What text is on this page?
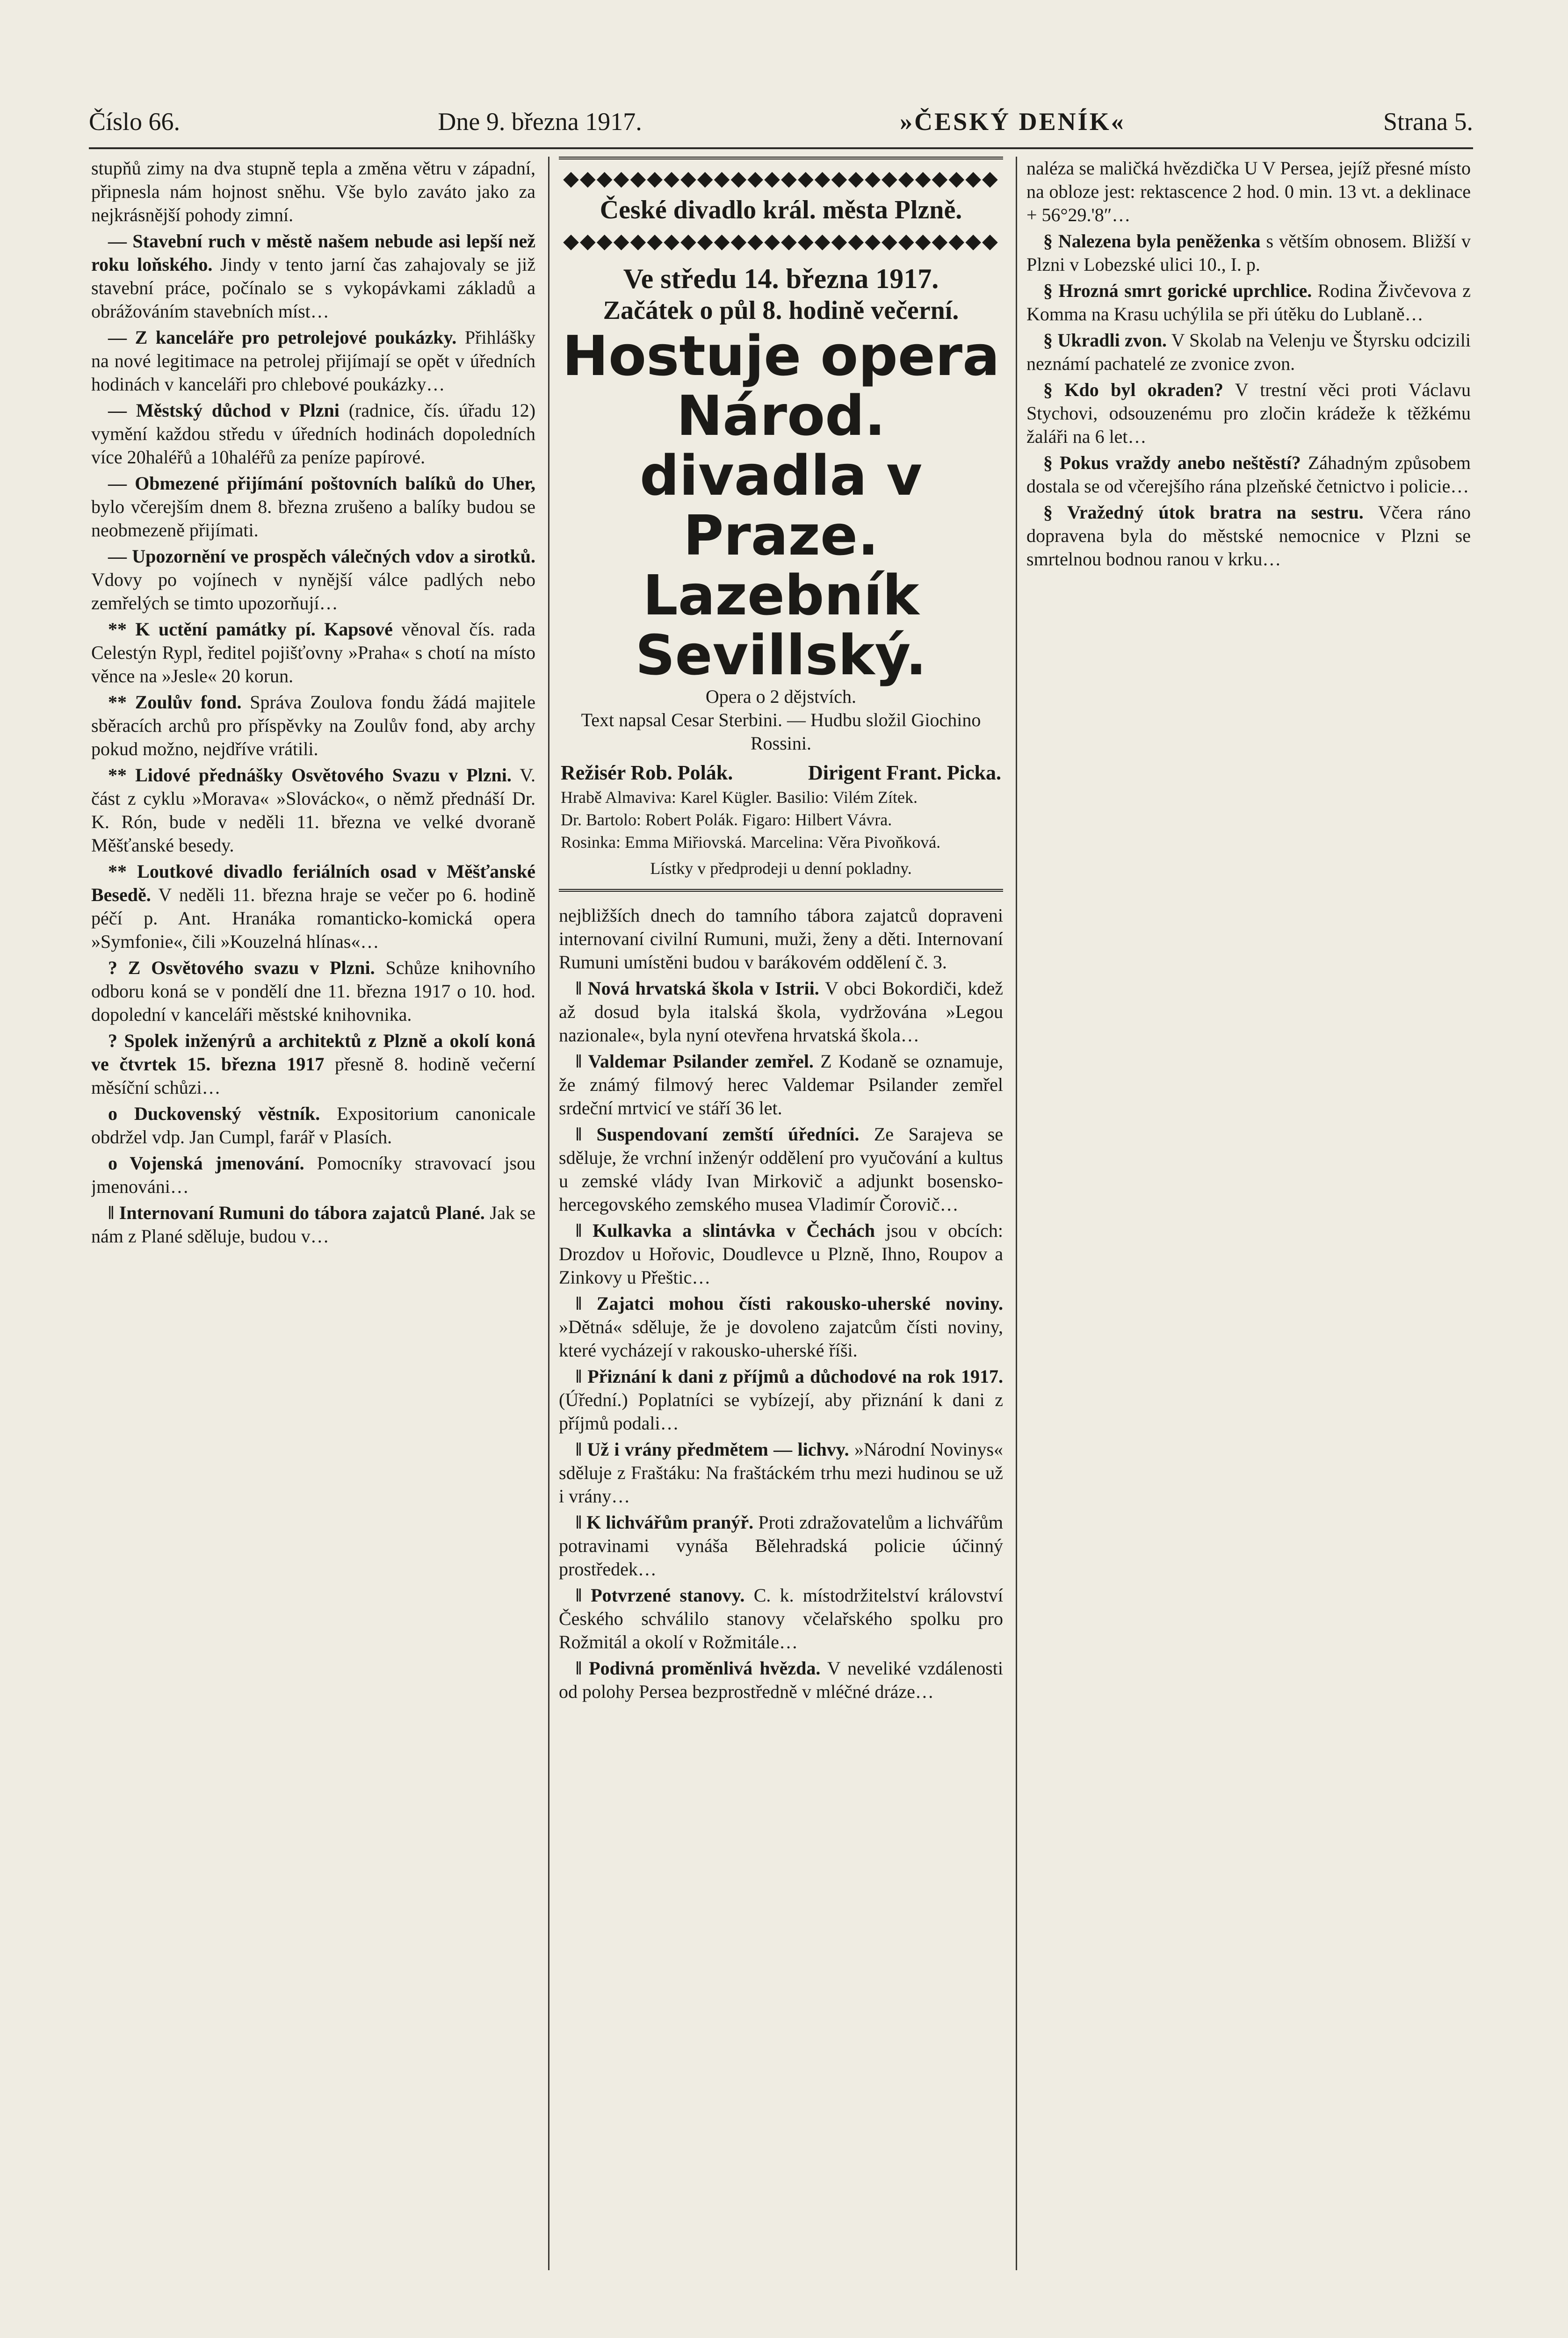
Číslo 66.	Dne 9. března 1917.	»ČESKÝ DENÍK«	Strana 5.

stupňů zimy na dva stupně tepla a změna větru v západní, připnesla nám hojnost sněhu. Vše bylo zaváto jako za nejkrásnější pohody zimní.

— Stavební ruch v městě našem nebude asi lepší než roku loňského. Jindy v tento jarní čas zahajovaly se již stavební práce, počínalo se s vykopávkami základů a obrážováním stavebních míst…

— Z kanceláře pro petrolejové poukázky. Přihlášky na nové legitimace na petrolej přijímají se opět v úředních hodinách v kanceláři pro chlebové poukázky…

— Městský důchod v Plzni (radnice, čís. úřadu 12) vymění každou středu v úředních hodinách dopoledních více 20haléřů a 10haléřů za peníze papírové.

— Obmezené přijímání poštovních balíků do Uher, bylo včerejším dnem 8. března zrušeno a balíky budou se neobmezeně přijímati.

— Upozornění ve prospěch válečných vdov a sirotků. Vdovy po vojínech v nynější válce padlých nebo zemřelých se timto upozorňují…

** K uctění památky pí. Kapsové věnoval čís. rada Celestýn Rypl, ředitel pojišťovny »Praha« s chotí na místo věnce na »Jesle« 20 korun.

** Zoulův fond. Správa Zoulova fondu žádá majitele sběracích archů pro příspěvky na Zoulův fond, aby archy pokud možno, nejdříve vrátili.

** Lidové přednášky Osvětového Svazu v Plzni. V. část z cyklu »Morava« »Slovácko«, o němž přednáší Dr. K. Rón, bude v neděli 11. března ve velké dvoraně Měšťanské besedy.

** Loutkové divadlo feriálních osad v Měšťanské Besedě. V neděli 11. března hraje se večer po 6. hodině péčí p. Ant. Hranáka romanticko-komická opera »Symfonie«, čili »Kouzelná hlínas«…

? Z Osvětového svazu v Plzni. Schůze knihovního odboru koná se v pondělí dne 11. března 1917 o 10. hod. dopolední v kanceláři městské knihovnika.

? Spolek inženýrů a architektů z Plzně a okolí koná ve čtvrtek 15. března 1917 přesně 8. hodině večerní měsíční schůzi…

o Duckovenský věstník. Expositorium canonicale obdržel vdp. Jan Cumpl, farář v Plasích.

o Vojenská jmenování. Pomocníky stravovací jsou jmenováni…

‖ Internovaní Rumuni do tábora zajatců Plané. Jak se nám z Plané sděluje, budou v…

◆◆◆◆◆◆◆◆◆◆◆◆◆◆◆◆◆◆◆◆◆◆◆◆◆◆
České divadlo král. města Plzně.
◆◆◆◆◆◆◆◆◆◆◆◆◆◆◆◆◆◆◆◆◆◆◆◆◆◆
Ve středu 14. března 1917.
Začátek o půl 8. hodině večerní.
Hostuje opera
Národ. divadla v Praze.
Lazebník Sevillský.
Opera o 2 dějstvích.
Text napsal Cesar Sterbini. — Hudbu složil Giochino Rossini.
Režisér Rob. Polák.	Dirigent Frant. Picka.
Hrabě Almaviva: Karel Kügler. Basilio: Vilém Zítek.
Dr. Bartolo: Robert Polák. Figaro: Hilbert Vávra.
Rosinka: Emma Miřiovská. Marcelina: Věra Pivoňková.
Lístky v předprodeji u denní pokladny.

nejbližších dnech do tamního tábora zajatců dopraveni internovaní civilní Rumuni, muži, ženy a děti. Internovaní Rumuni umístěni budou v barákovém oddělení č. 3.

‖ Nová hrvatská škola v Istrii. V obci Bokordiči, kdež až dosud byla italská škola, vydržována »Legou nazionale«, byla nyní otevřena hrvatská škola…

‖ Valdemar Psilander zemřel. Z Kodaně se oznamuje, že známý filmový herec Valdemar Psilander zemřel srdeční mrtvicí ve stáří 36 let.

‖ Suspendovaní zemští úředníci. Ze Sarajeva se sděluje, že vrchní inženýr oddělení pro vyučování a kultus u zemské vlády Ivan Mirkovič a adjunkt bosensko-hercegovského zemského musea Vladimír Čorovič…

‖ Kulkavka a slintávka v Čechách jsou v obcích: Drozdov u Hořovic, Doudlevce u Plzně, Ihno, Roupov a Zinkovy u Přeštic…

‖ Zajatci mohou čísti rakousko-uherské noviny. »Dětná« sděluje, že je dovoleno zajatcům čísti noviny, které vycházejí v rakousko-uherské říši.

‖ Přiznání k dani z příjmů a důchodové na rok 1917. (Úřední.) Poplatníci se vybízejí, aby přiznání k dani z příjmů podali…

‖ Už i vrány předmětem — lichvy. »Národní Novinys« sděluje z Fraštáku: Na fraštáckém trhu mezi hudinou se už i vrány…

‖ K lichvářům pranýř. Proti zdražovatelům a lichvářům potravinami vynáša Bělehradská policie účinný prostředek…

‖ Potvrzené stanovy. C. k. místodržitelství království Českého schválilo stanovy včelařského spolku pro Rožmitál a okolí v Rožmitále…

‖ Podivná proměnlivá hvězda. V neveliké vzdálenosti od polohy Persea bezprostředně v mléčné dráze…

naléza se maličká hvězdička U V Persea, jejíž přesné místo na obloze jest: rektascence 2 hod. 0 min. 13 vt. a deklinace + 56°29.'8″…

§ Nalezena byla peněženka s větším obnosem. Bližší v Plzni v Lobezské ulici 10., I. p.

§ Hrozná smrt gorické uprchlice. Rodina Živčevova z Komma na Krasu uchýlila se při útěku do Lublaně…

§ Ukradli zvon. V Skolab na Velenju ve Štyrsku odcizili neznámí pachatelé ze zvonice zvon.

§ Kdo byl okraden? V trestní věci proti Václavu Stychovi, odsouzenému pro zločin krádeže k těžkému žaláři na 6 let…

§ Pokus vraždy anebo neštěstí? Záhadným způsobem dostala se od včerejšího rána plzeňské četnictvo i policie…

§ Vražedný útok bratra na sestru. Včera ráno dopravena byla do městské nemocnice v Plzni se smrtelnou bodnou ranou v krku…
